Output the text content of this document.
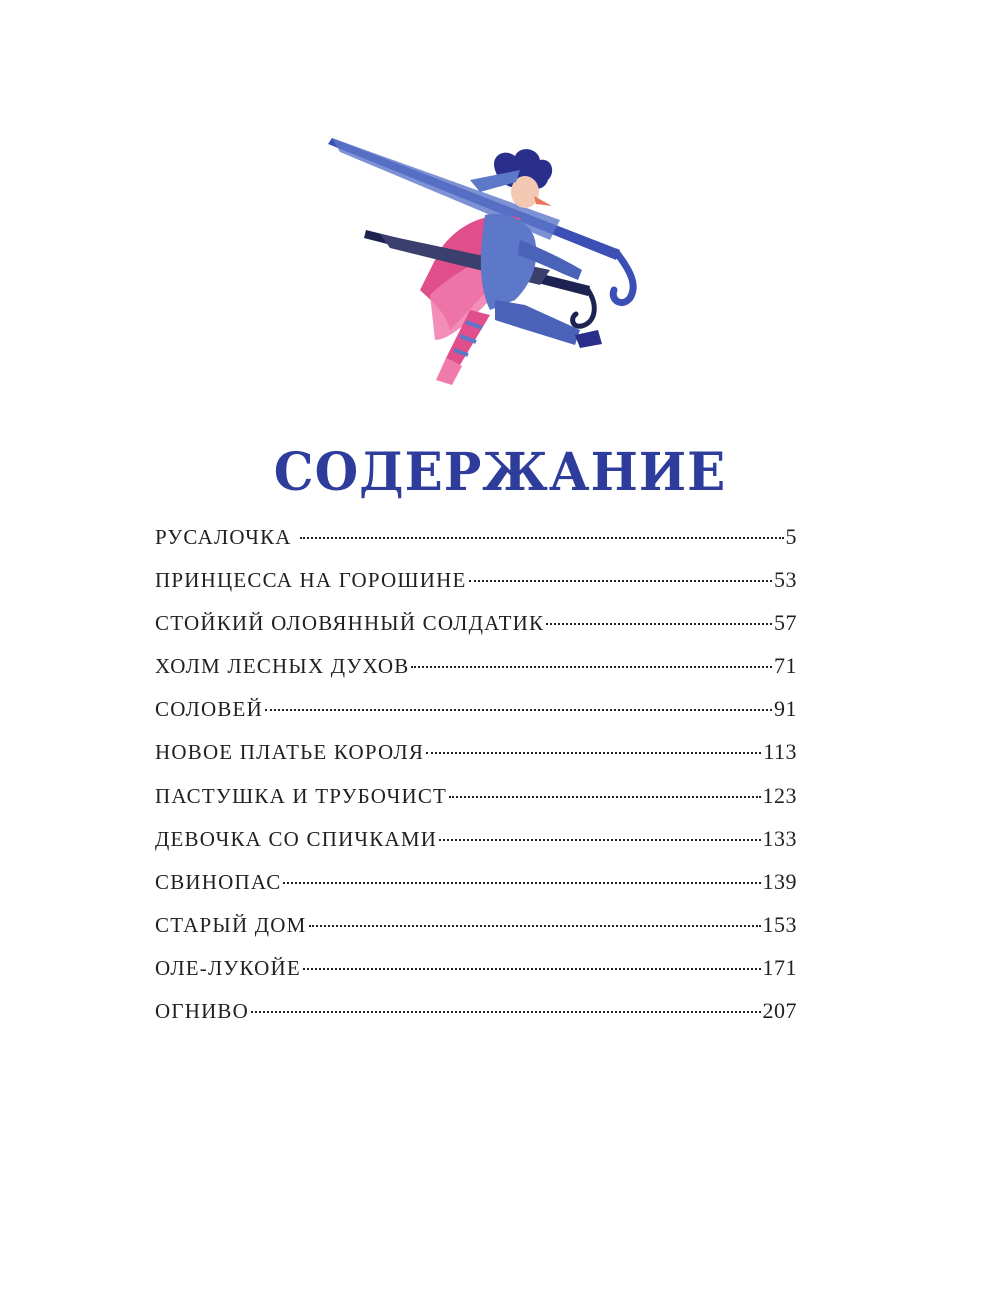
СОДЕРЖАНИЕ
РУСАЛОЧКА	5
ПРИНЦЕССА НА ГОРОШИНЕ	53
СТОЙКИЙ ОЛОВЯННЫЙ СОЛДАТИК	57
ХОЛМ ЛЕСНЫХ ДУХОВ	71
СОЛОВЕЙ	91
НОВОЕ ПЛАТЬЕ КОРОЛЯ	113
ПАСТУШКА И ТРУБОЧИСТ	123
ДЕВОЧКА СО СПИЧКАМИ	133
СВИНОПАС	139
СТАРЫЙ ДОМ	153
ОЛЕ-ЛУКОЙЕ	171
ОГНИВО	207
